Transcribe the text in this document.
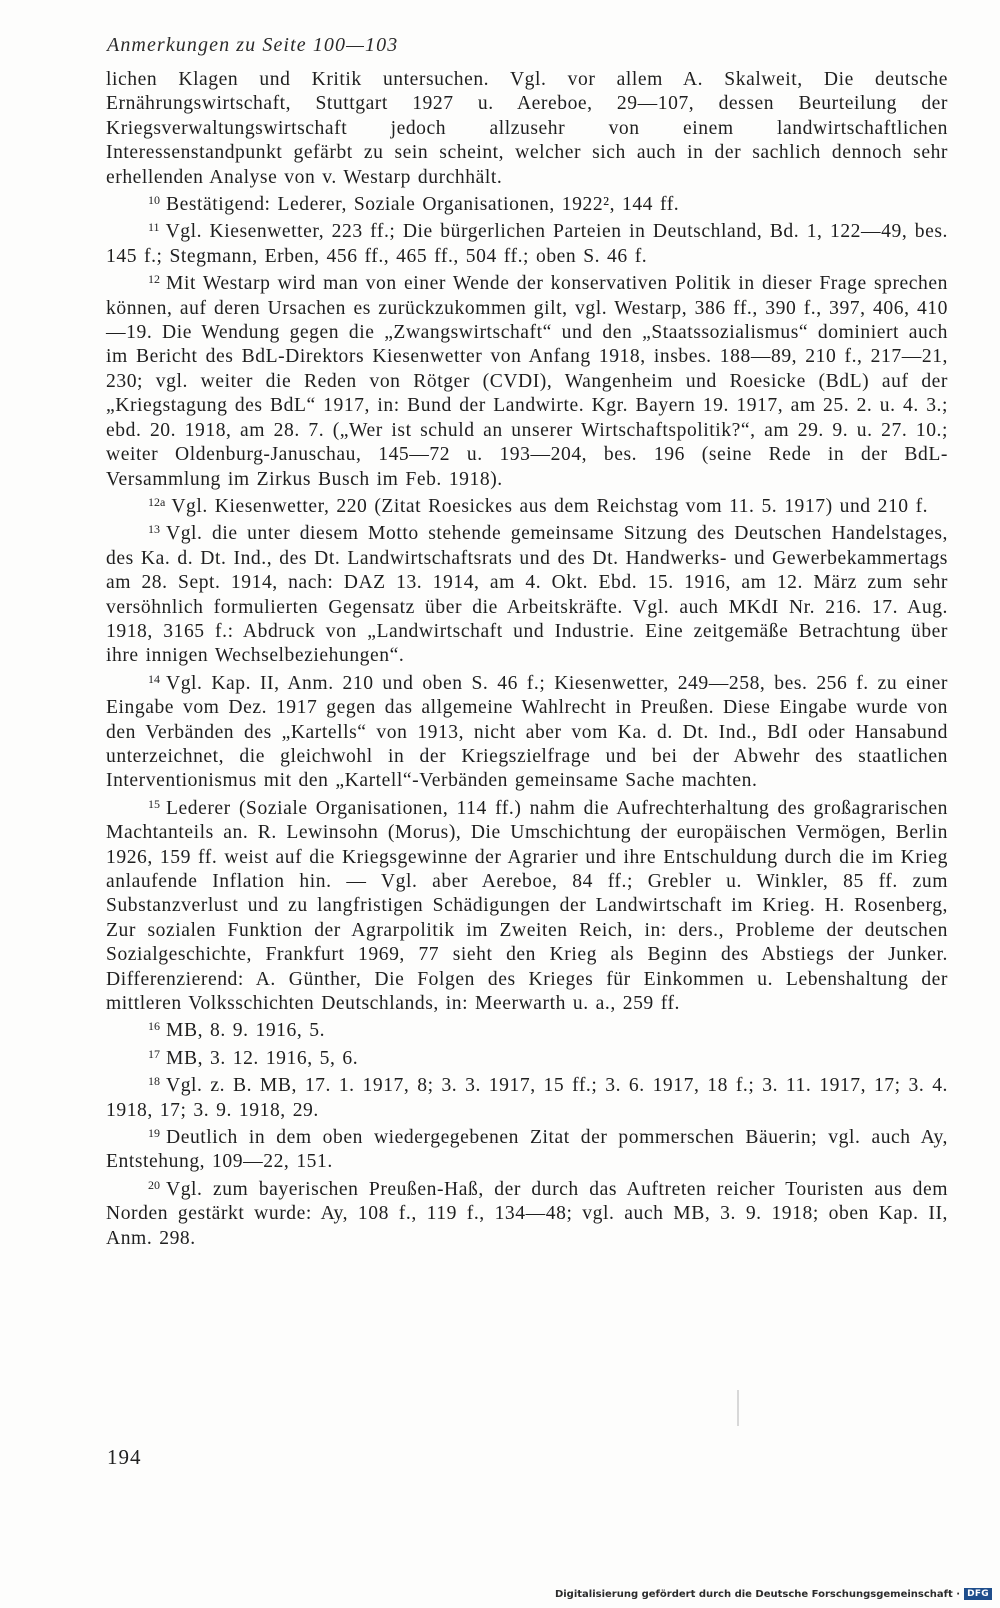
Anmerkungen zu Seite 100—103

lichen Klagen und Kritik untersuchen. Vgl. vor allem A. Skalweit, Die deutsche Ernährungswirtschaft, Stuttgart 1927 u. Aereboe, 29—107, dessen Beurteilung der Kriegsverwaltungswirtschaft jedoch allzusehr von einem landwirtschaftlichen Interessenstandpunkt gefärbt zu sein scheint, welcher sich auch in der sachlich dennoch sehr erhellenden Analyse von v. Westarp durchhält.

$^{10}$ Bestätigend: Lederer, Soziale Organisationen, 1922², 144 ff.

$^{11}$ Vgl. Kiesenwetter, 223 ff.; Die bürgerlichen Parteien in Deutschland, Bd. 1, 122—49, bes. 145 f.; Stegmann, Erben, 456 ff., 465 ff., 504 ff.; oben S. 46 f.

$^{12}$ Mit Westarp wird man von einer Wende der konservativen Politik in dieser Frage sprechen können, auf deren Ursachen es zurückzukommen gilt, vgl. Westarp, 386 ff., 390 f., 397, 406, 410—19. Die Wendung gegen die „Zwangswirtschaft“ und den „Staatssozialismus“ dominiert auch im Bericht des BdL-Direktors Kiesenwetter von Anfang 1918, insbes. 188—89, 210 f., 217—21, 230; vgl. weiter die Reden von Rötger (CVDI), Wangenheim und Roesicke (BdL) auf der „Kriegstagung des BdL“ 1917, in: Bund der Landwirte. Kgr. Bayern 19. 1917, am 25. 2. u. 4. 3.; ebd. 20. 1918, am 28. 7. („Wer ist schuld an unserer Wirtschaftspolitik?“, am 29. 9. u. 27. 10.; weiter Oldenburg-Januschau, 145—72 u. 193—204, bes. 196 (seine Rede in der BdL-Versammlung im Zirkus Busch im Feb. 1918).

$^{12a}$ Vgl. Kiesenwetter, 220 (Zitat Roesickes aus dem Reichstag vom 11. 5. 1917) und 210 f.

$^{13}$ Vgl. die unter diesem Motto stehende gemeinsame Sitzung des Deutschen Handelstages, des Ka. d. Dt. Ind., des Dt. Landwirtschaftsrats und des Dt. Handwerks- und Gewerbekammertags am 28. Sept. 1914, nach: DAZ 13. 1914, am 4. Okt. Ebd. 15. 1916, am 12. März zum sehr versöhnlich formulierten Gegensatz über die Arbeitskräfte. Vgl. auch MKdI Nr. 216. 17. Aug. 1918, 3165 f.: Abdruck von „Landwirtschaft und Industrie. Eine zeitgemäße Betrachtung über ihre innigen Wechselbeziehungen“.

$^{14}$ Vgl. Kap. II, Anm. 210 und oben S. 46 f.; Kiesenwetter, 249—258, bes. 256 f. zu einer Eingabe vom Dez. 1917 gegen das allgemeine Wahlrecht in Preußen. Diese Eingabe wurde von den Verbänden des „Kartells“ von 1913, nicht aber vom Ka. d. Dt. Ind., BdI oder Hansabund unterzeichnet, die gleichwohl in der Kriegszielfrage und bei der Abwehr des staatlichen Interventionismus mit den „Kartell“-Verbänden gemeinsame Sache machten.

$^{15}$ Lederer (Soziale Organisationen, 114 ff.) nahm die Aufrechterhaltung des großagrarischen Machtanteils an. R. Lewinsohn (Morus), Die Umschichtung der europäischen Vermögen, Berlin 1926, 159 ff. weist auf die Kriegsgewinne der Agrarier und ihre Entschuldung durch die im Krieg anlaufende Inflation hin. — Vgl. aber Aereboe, 84 ff.; Grebler u. Winkler, 85 ff. zum Substanzverlust und zu langfristigen Schädigungen der Landwirtschaft im Krieg. H. Rosenberg, Zur sozialen Funktion der Agrarpolitik im Zweiten Reich, in: ders., Probleme der deutschen Sozialgeschichte, Frankfurt 1969, 77 sieht den Krieg als Beginn des Abstiegs der Junker. Differenzierend: A. Günther, Die Folgen des Krieges für Einkommen u. Lebenshaltung der mittleren Volksschichten Deutschlands, in: Meerwarth u. a., 259 ff.

$^{16}$ MB, 8. 9. 1916, 5.

$^{17}$ MB, 3. 12. 1916, 5, 6.

$^{18}$ Vgl. z. B. MB, 17. 1. 1917, 8; 3. 3. 1917, 15 ff.; 3. 6. 1917, 18 f.; 3. 11. 1917, 17; 3. 4. 1918, 17; 3. 9. 1918, 29.

$^{19}$ Deutlich in dem oben wiedergegebenen Zitat der pommerschen Bäuerin; vgl. auch Ay, Entstehung, 109—22, 151.

$^{20}$ Vgl. zum bayerischen Preußen-Haß, der durch das Auftreten reicher Touristen aus dem Norden gestärkt wurde: Ay, 108 f., 119 f., 134—48; vgl. auch MB, 3. 9. 1918; oben Kap. II, Anm. 298.

194
Digitalisierung gefördert durch die Deutsche Forschungsgemeinschaft · DFG
